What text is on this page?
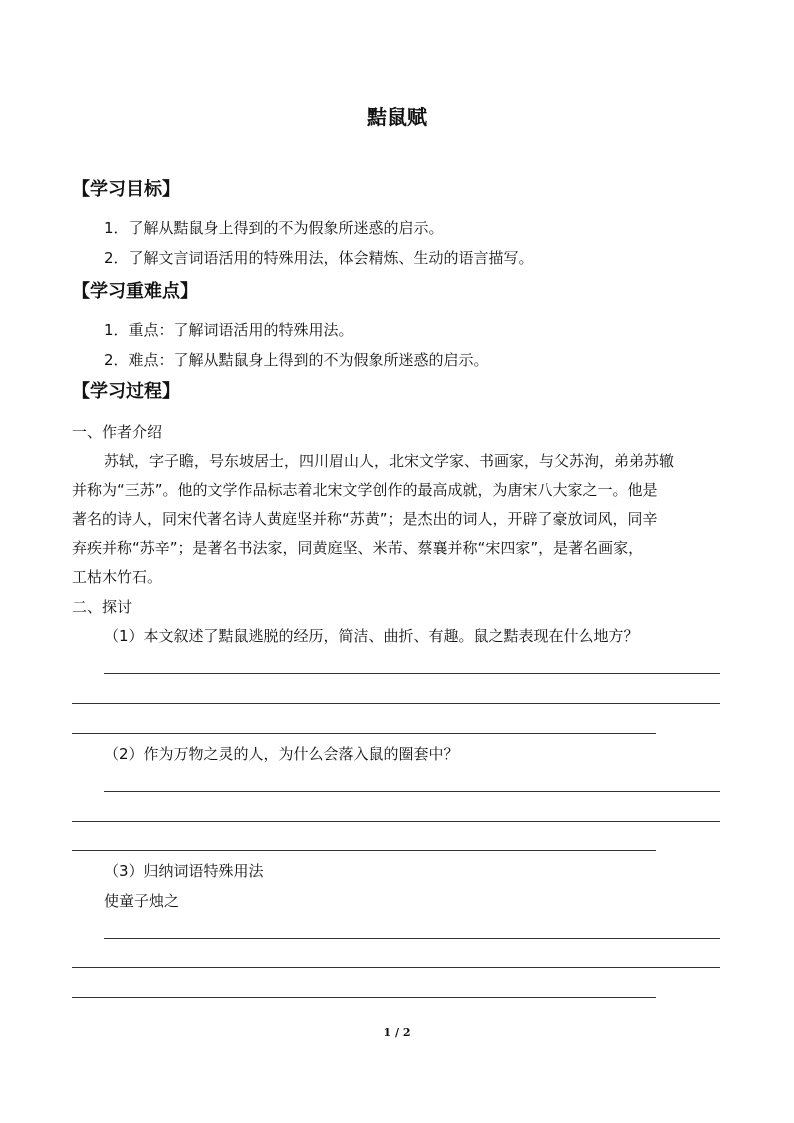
黠鼠赋
【学习目标】
1．了解从黠鼠身上得到的不为假象所迷惑的启示。
2．了解文言词语活用的特殊用法，体会精炼、生动的语言描写。
【学习重难点】
1．重点：了解词语活用的特殊用法。
2．难点：了解从黠鼠身上得到的不为假象所迷惑的启示。
【学习过程】
一、作者介绍
苏轼，字子瞻，号东坡居士，四川眉山人，北宋文学家、书画家，与父苏洵，弟弟苏辙
并称为“三苏”。他的文学作品标志着北宋文学创作的最高成就，为唐宋八大家之一。他是
著名的诗人，同宋代著名诗人黄庭坚并称“苏黄”；是杰出的词人，开辟了豪放词风，同辛
弃疾并称“苏辛”；是著名书法家，同黄庭坚、米芾、蔡襄并称“宋四家”，是著名画家，
工枯木竹石。
二、探讨
（1）本文叙述了黠鼠逃脱的经历，简洁、曲折、有趣。鼠之黠表现在什么地方？
（2）作为万物之灵的人，为什么会落入鼠的圈套中？
（3）归纳词语特殊用法
使童子烛之
1 / 2
